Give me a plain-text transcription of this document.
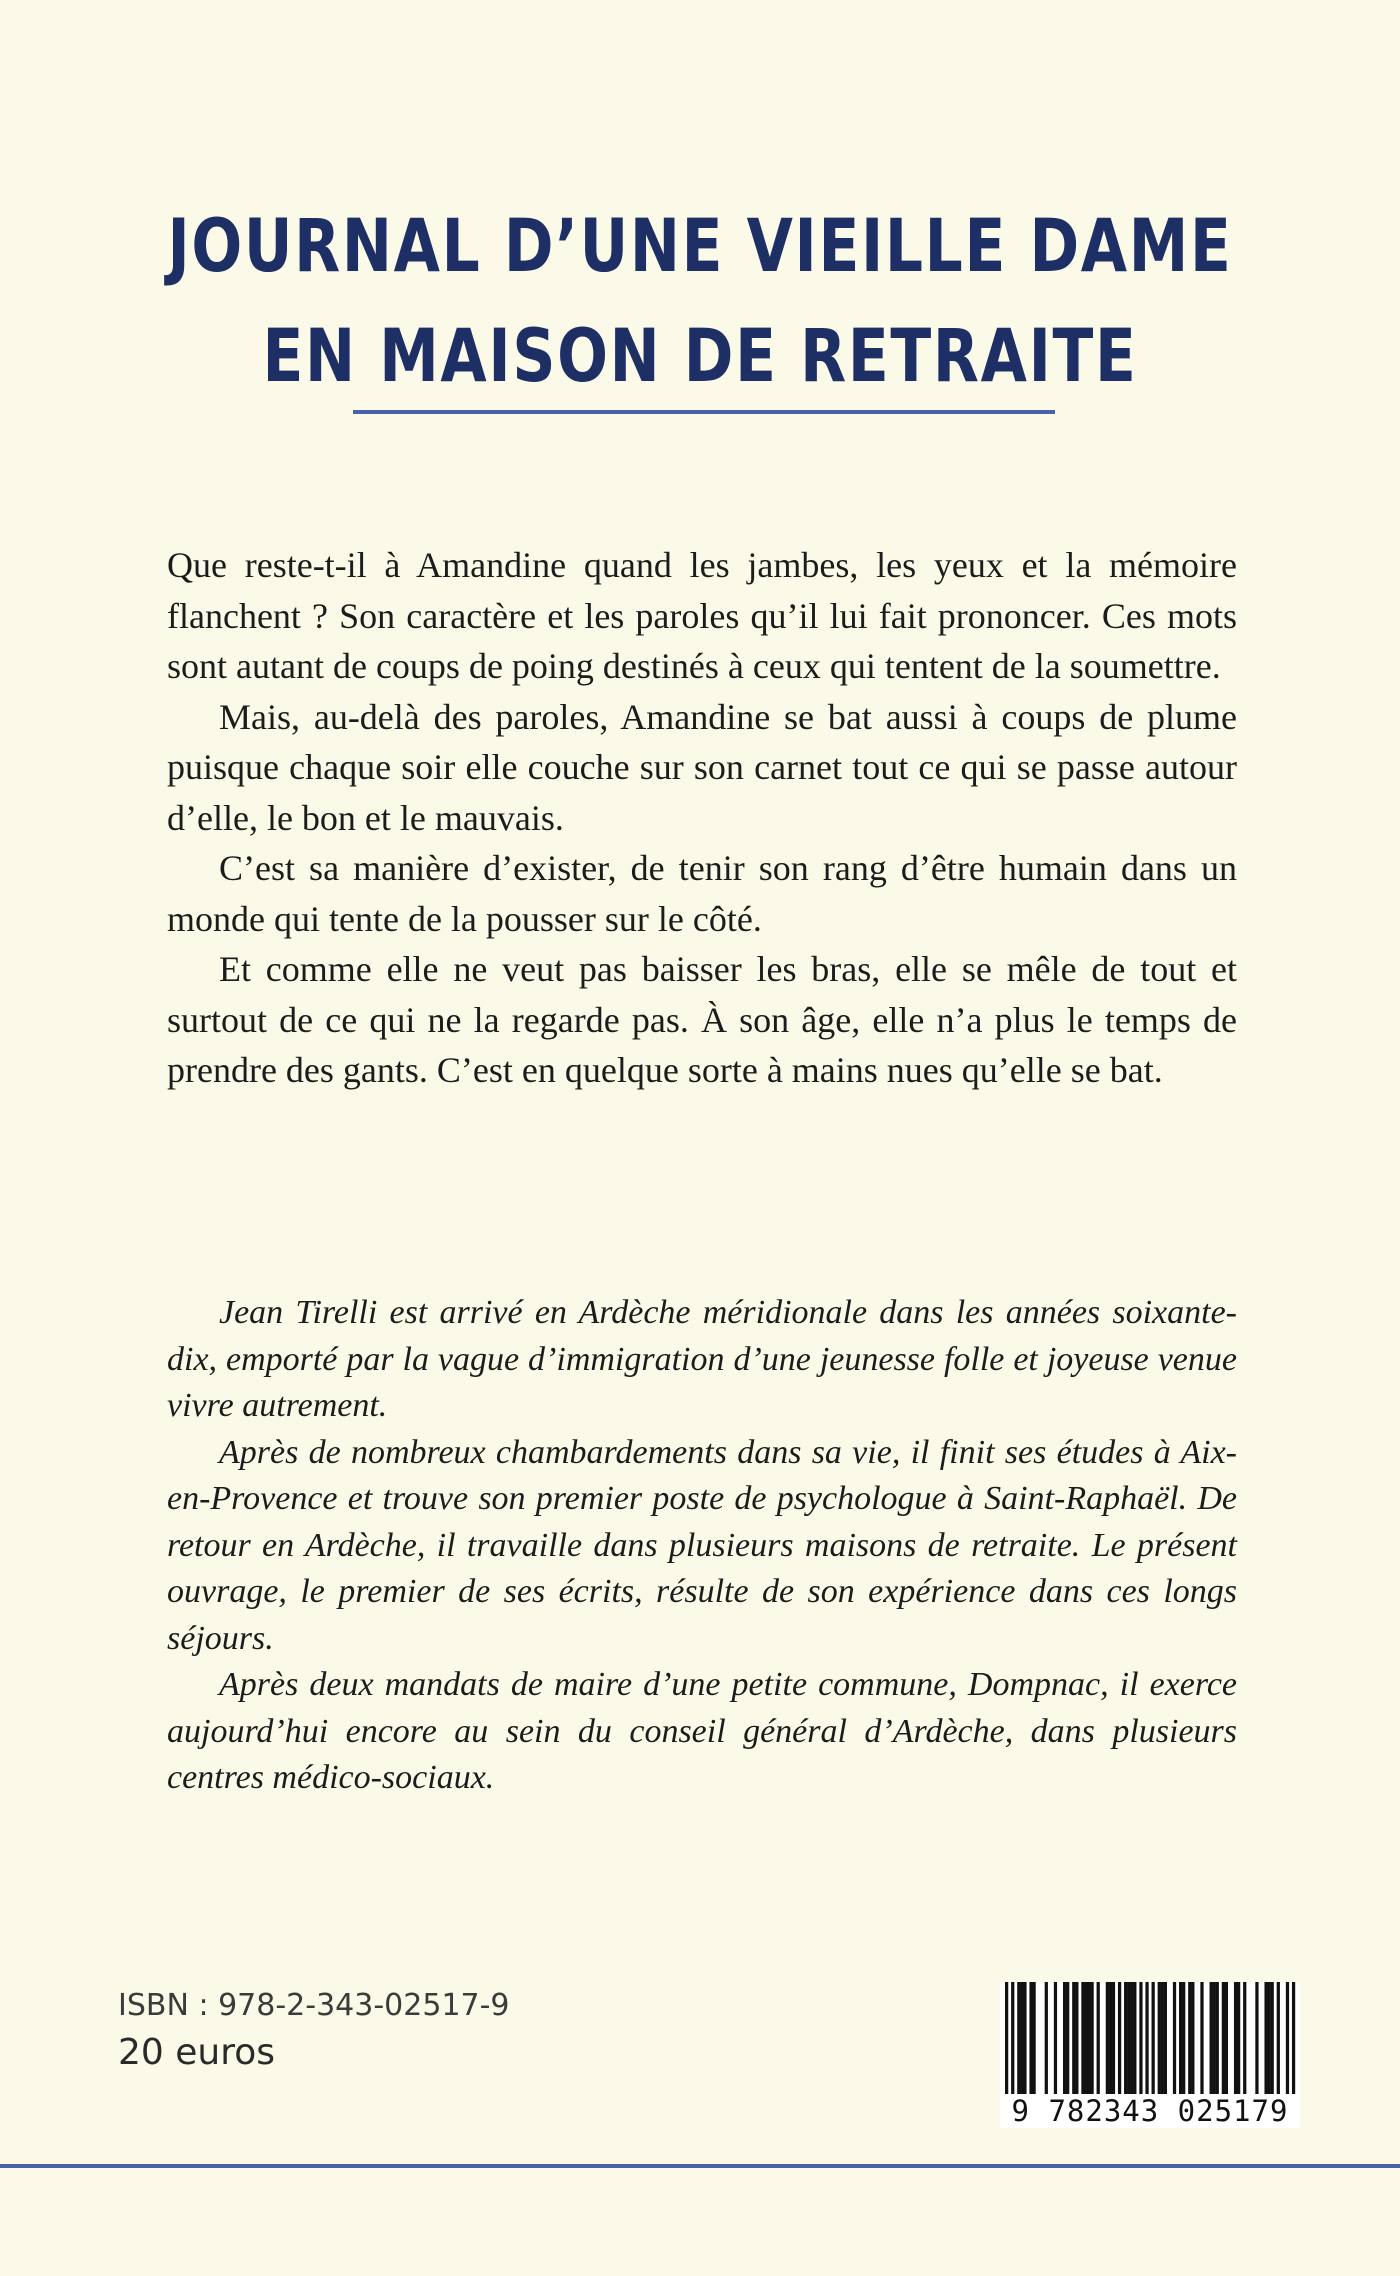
JOURNAL D’UNE VIEILLE DAME
EN MAISON DE RETRAITE

Que reste-t-il à Amandine quand les jambes, les yeux et la mémoire flanchent ? Son caractère et les paroles qu’il lui fait prononcer. Ces mots sont autant de coups de poing destinés à ceux qui tentent de la soumettre.

Mais, au-delà des paroles, Amandine se bat aussi à coups de plume puisque chaque soir elle couche sur son carnet tout ce qui se passe autour d’elle, le bon et le mauvais.

C’est sa manière d’exister, de tenir son rang d’être humain dans un monde qui tente de la pousser sur le côté.

Et comme elle ne veut pas baisser les bras, elle se mêle de tout et surtout de ce qui ne la regarde pas. À son âge, elle n’a plus le temps de prendre des gants. C’est en quelque sorte à mains nues qu’elle se bat.

Jean Tirelli est arrivé en Ardèche méridionale dans les années soixante-dix, emporté par la vague d’immigration d’une jeunesse folle et joyeuse venue vivre autrement.

Après de nombreux chambardements dans sa vie, il finit ses études à Aix-en-Provence et trouve son premier poste de psychologue à Saint-Raphaël. De retour en Ardèche, il travaille dans plusieurs maisons de retraite. Le présent ouvrage, le premier de ses écrits, résulte de son expérience dans ces longs séjours.

Après deux mandats de maire d’une petite commune, Dompnac, il exerce aujourd’hui encore au sein du conseil général d’Ardèche, dans plusieurs centres médico-sociaux.

ISBN : 978-2-343-02517-9
20 euros
9 782343 025179
